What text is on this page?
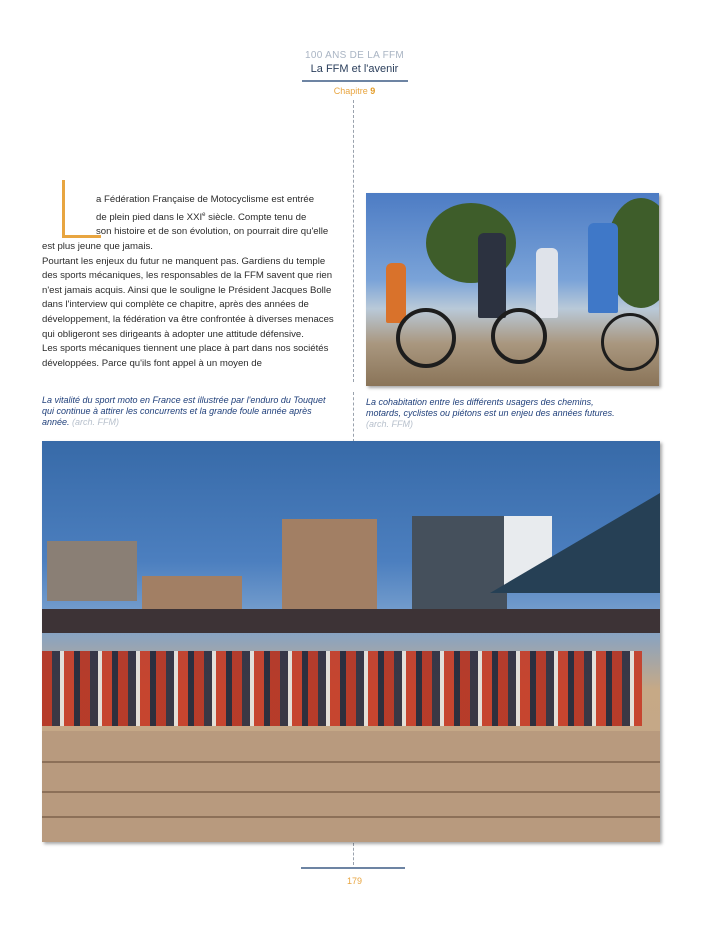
100 ANS DE LA FFM
La FFM et l'avenir
Chapitre 9

a Fédération Française de Motocyclisme est entrée

de plein pied dans le XXIe siècle. Compte tenu de

son histoire et de son évolution, on pourrait dire qu'elle

est plus jeune que jamais.

Pourtant les enjeux du futur ne manquent pas. Gardiens du temple des sports mécaniques, les responsables de la FFM savent que rien n'est jamais acquis. Ainsi que le souligne le Président Jacques Bolle dans l'interview qui complète ce chapitre, après des années de développement, la fédération va être confrontée à diverses menaces qui obligeront ses dirigeants à adopter une attitude défensive.

Les sports mécaniques tiennent une place à part dans nos sociétés développées. Parce qu'ils font appel à un moyen de

La vitalité du sport moto en France est illustrée par l'enduro du Touquet qui continue à attirer les concurrents et la grande foule année après année. (arch. FFM)
La cohabitation entre les différents usagers des chemins, motards, cyclistes ou piétons est un enjeu des années futures. (arch. FFM)
179
